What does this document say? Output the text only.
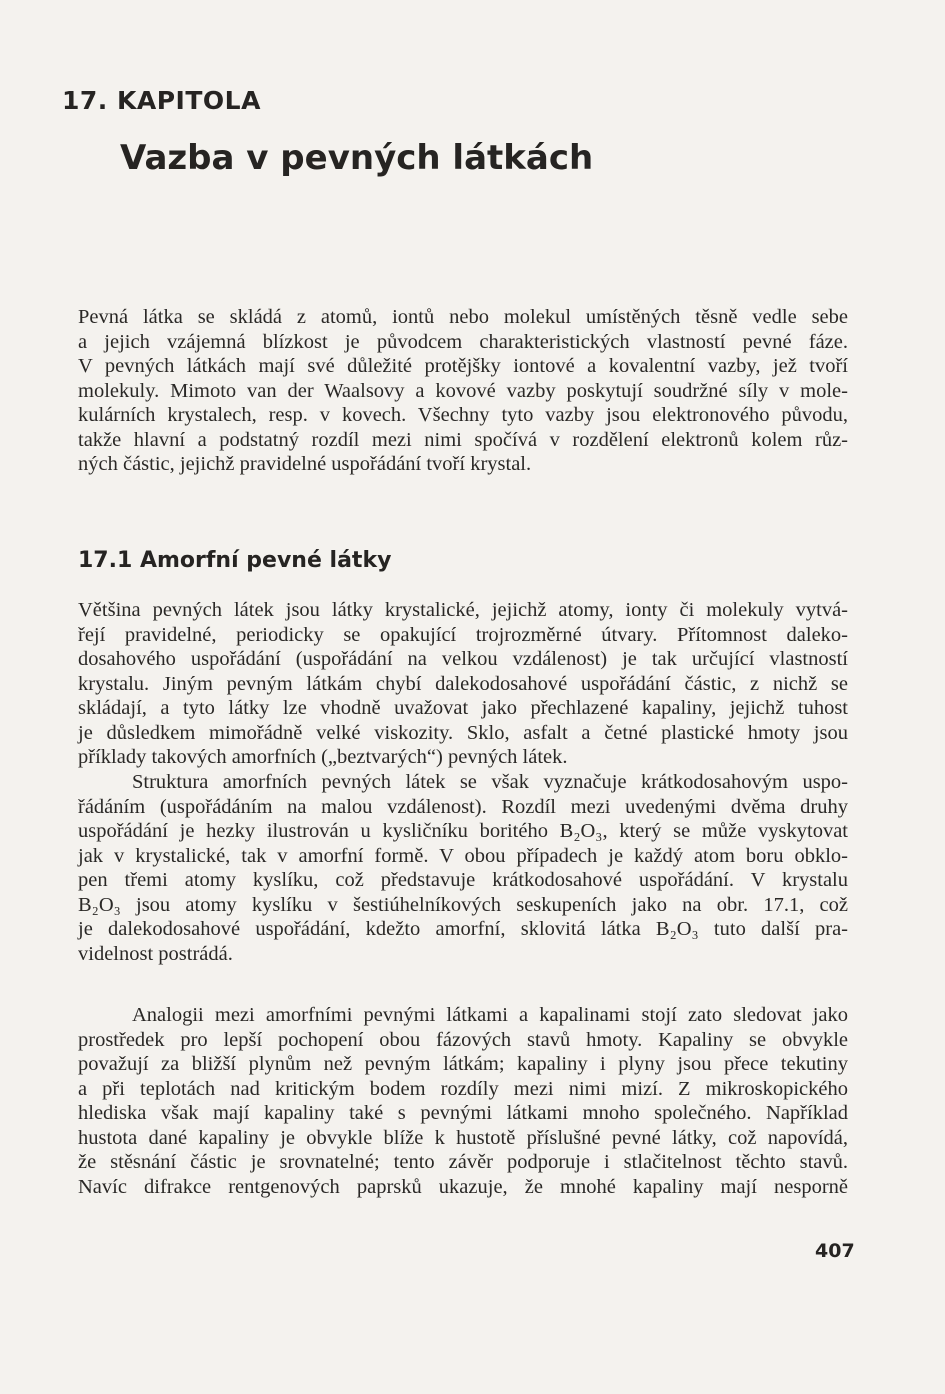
17. KAPITOLA
Vazba v pevných látkách
Pevná látka se skládá z atomů, iontů nebo molekul umístěných těsně vedle sebe
a jejich vzájemná blízkost je původcem charakteristických vlastností pevné fáze.
V pevných látkách mají své důležité protějšky iontové a kovalentní vazby, jež tvoří
molekuly. Mimoto van der Waalsovy a kovové vazby poskytují soudržné síly v mole-
kulárních krystalech, resp. v kovech. Všechny tyto vazby jsou elektronového původu,
takže hlavní a podstatný rozdíl mezi nimi spočívá v rozdělení elektronů kolem růz-
ných částic, jejichž pravidelné uspořádání tvoří krystal.
17.1 Amorfní pevné látky
Většina pevných látek jsou látky krystalické, jejichž atomy, ionty či molekuly vytvá-
řejí pravidelné, periodicky se opakující trojrozměrné útvary. Přítomnost daleko-
dosahového uspořádání (uspořádání na velkou vzdálenost) je tak určující vlastností
krystalu. Jiným pevným látkám chybí dalekodosahové uspořádání částic, z nichž se
skládají, a tyto látky lze vhodně uvažovat jako přechlazené kapaliny, jejichž tuhost
je důsledkem mimořádně velké viskozity. Sklo, asfalt a četné plastické hmoty jsou
příklady takových amorfních („beztvarých“) pevných látek.
Struktura amorfních pevných látek se však vyznačuje krátkodosahovým uspo-
řádáním (uspořádáním na malou vzdálenost). Rozdíl mezi uvedenými dvěma druhy
uspořádání je hezky ilustrován u kysličníku boritého B₂O₃, který se může vyskytovat
jak v krystalické, tak v amorfní formě. V obou případech je každý atom boru obklo-
pen třemi atomy kyslíku, což představuje krátkodosahové uspořádání. V krystalu
B₂O₃ jsou atomy kyslíku v šestiúhelníkových seskupeních jako na obr. 17.1, což
je dalekodosahové uspořádání, kdežto amorfní, sklovitá látka B₂O₃ tuto další pra-
videlnost postrádá.
Analogii mezi amorfními pevnými látkami a kapalinami stojí zato sledovat jako
prostředek pro lepší pochopení obou fázových stavů hmoty. Kapaliny se obvykle
považují za bližší plynům než pevným látkám; kapaliny i plyny jsou přece tekutiny
a při teplotách nad kritickým bodem rozdíly mezi nimi mizí. Z mikroskopického
hlediska však mají kapaliny také s pevnými látkami mnoho společného. Například
hustota dané kapaliny je obvykle blíže k hustotě příslušné pevné látky, což napovídá,
že stěsnání částic je srovnatelné; tento závěr podporuje i stlačitelnost těchto stavů.
Navíc difrakce rentgenových paprsků ukazuje, že mnohé kapaliny mají nesporně
407
